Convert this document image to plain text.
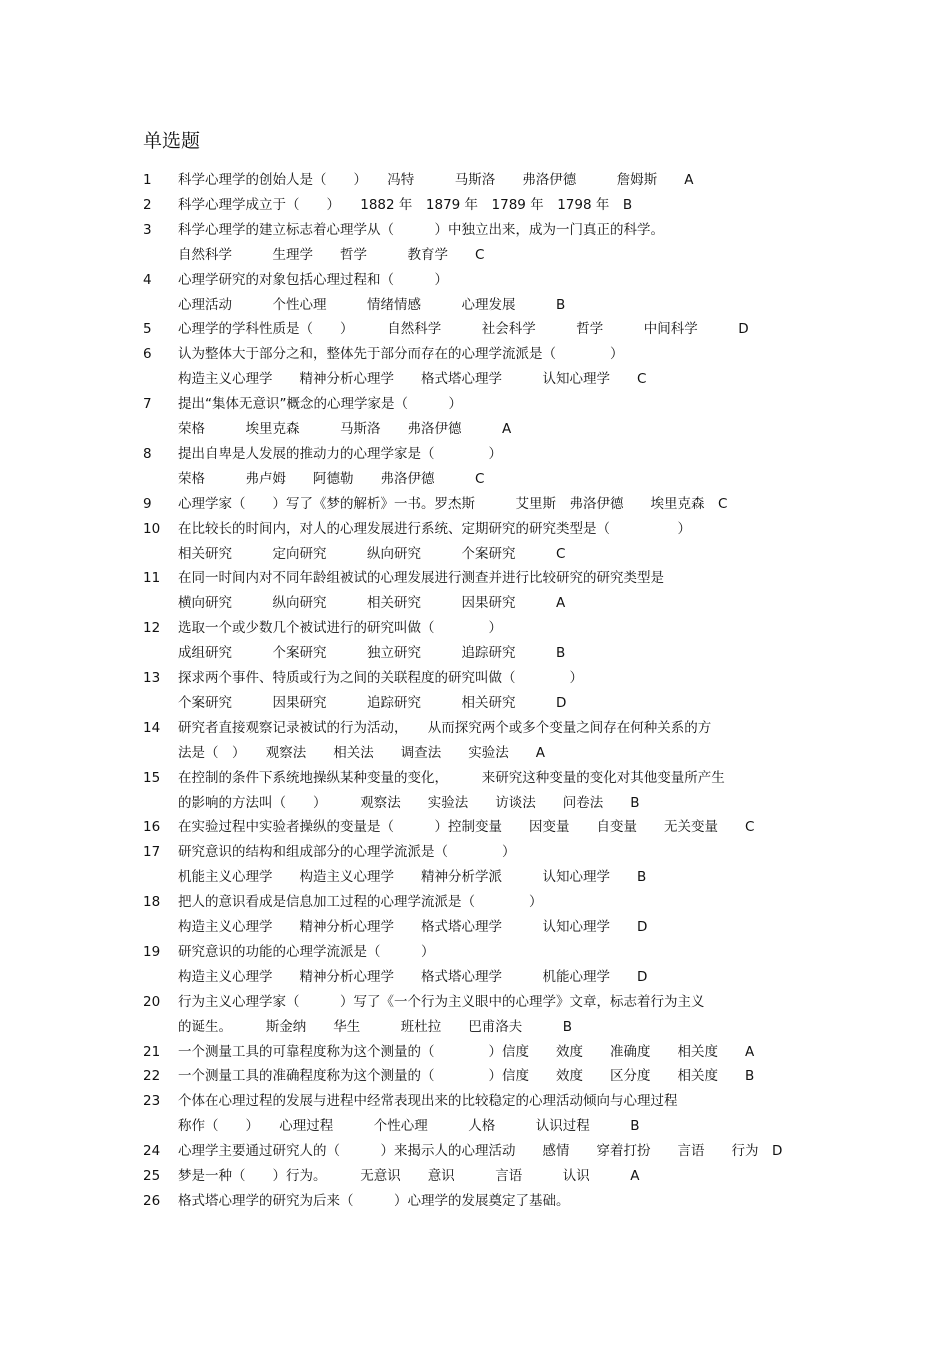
单选题
1 科学心理学的创始人是（　　）　　冯特　　　马斯洛　　弗洛伊德　　　詹姆斯　　A
2 科学心理学成立于（　　）　　1882 年　1879 年　1789 年　1798 年　B
3 科学心理学的建立标志着心理学从（　　　）中独立出来，成为一门真正的科学。
自然科学　　　生理学　　哲学　　　教育学　　C
4 心理学研究的对象包括心理过程和（　　　）
心理活动　　　个性心理　　　情绪情感　　　心理发展　　　B
5 心理学的学科性质是（　　）　　　自然科学　　　社会科学　　　哲学　　　中间科学　　　D
6 认为整体大于部分之和，整体先于部分而存在的心理学流派是（　　　　）
构造主义心理学　　精神分析心理学　　格式塔心理学　　　认知心理学　　C
7 提出“集体无意识”概念的心理学家是（　　　）
荣格　　　埃里克森　　　马斯洛　　弗洛伊德　　　A
8 提出自卑是人发展的推动力的心理学家是（　　　　）
荣格　　　弗卢姆　　阿德勒　　弗洛伊德　　　C
9 心理学家（　　）写了《梦的解析》一书。罗杰斯　　　艾里斯　弗洛伊德　　埃里克森　C
10 在比较长的时间内，对人的心理发展进行系统、定期研究的研究类型是（　　　　　）
相关研究　　　定向研究　　　纵向研究　　　个案研究　　　C
11 在同一时间内对不同年龄组被试的心理发展进行测查并进行比较研究的研究类型是
横向研究　　　纵向研究　　　相关研究　　　因果研究　　　A
12 选取一个或少数几个被试进行的研究叫做（　　　　）
成组研究　　　个案研究　　　独立研究　　　追踪研究　　　B
13 探求两个事件、特质或行为之间的关联程度的研究叫做（　　　　）
个案研究　　　因果研究　　　追踪研究　　　相关研究　　　D
14 研究者直接观察记录被试的行为活动，　　从而探究两个或多个变量之间存在何种关系的方
法是（　）　　观察法　　相关法　　调查法　　实验法　　A
15 在控制的条件下系统地操纵某种变量的变化，　　　来研究这种变量的变化对其他变量所产生
的影响的方法叫（　　）　　　观察法　　实验法　　访谈法　　问卷法　　B
16 在实验过程中实验者操纵的变量是（　　　）控制变量　　因变量　　自变量　　无关变量　　C
17 研究意识的结构和组成部分的心理学流派是（　　　　）
机能主义心理学　　构造主义心理学　　精神分析学派　　　认知心理学　　B
18 把人的意识看成是信息加工过程的心理学流派是（　　　　）
构造主义心理学　　精神分析心理学　　格式塔心理学　　　认知心理学　　D
19 研究意识的功能的心理学流派是（　　　）
构造主义心理学　　精神分析心理学　　格式塔心理学　　　机能心理学　　D
20 行为主义心理学家（　　　）写了《一个行为主义眼中的心理学》文章，标志着行为主义
的诞生。　　　斯金纳　　华生　　　班杜拉　　巴甫洛夫　　　B
21 一个测量工具的可靠程度称为这个测量的（　　　　）信度　　效度　　准确度　　相关度　　A
22 一个测量工具的准确程度称为这个测量的（　　　　）信度　　效度　　区分度　　相关度　　B
23 个体在心理过程的发展与进程中经常表现出来的比较稳定的心理活动倾向与心理过程
称作（　　）　　心理过程　　　个性心理　　　人格　　　认识过程　　　B
24 心理学主要通过研究人的（　　　）来揭示人的心理活动　　感情　　穿着打扮　　言语　　行为　D
25 梦是一种（　　）行为。　　　无意识　　意识　　　言语　　　认识　　　A
26 格式塔心理学的研究为后来（　　　）心理学的发展奠定了基础。
